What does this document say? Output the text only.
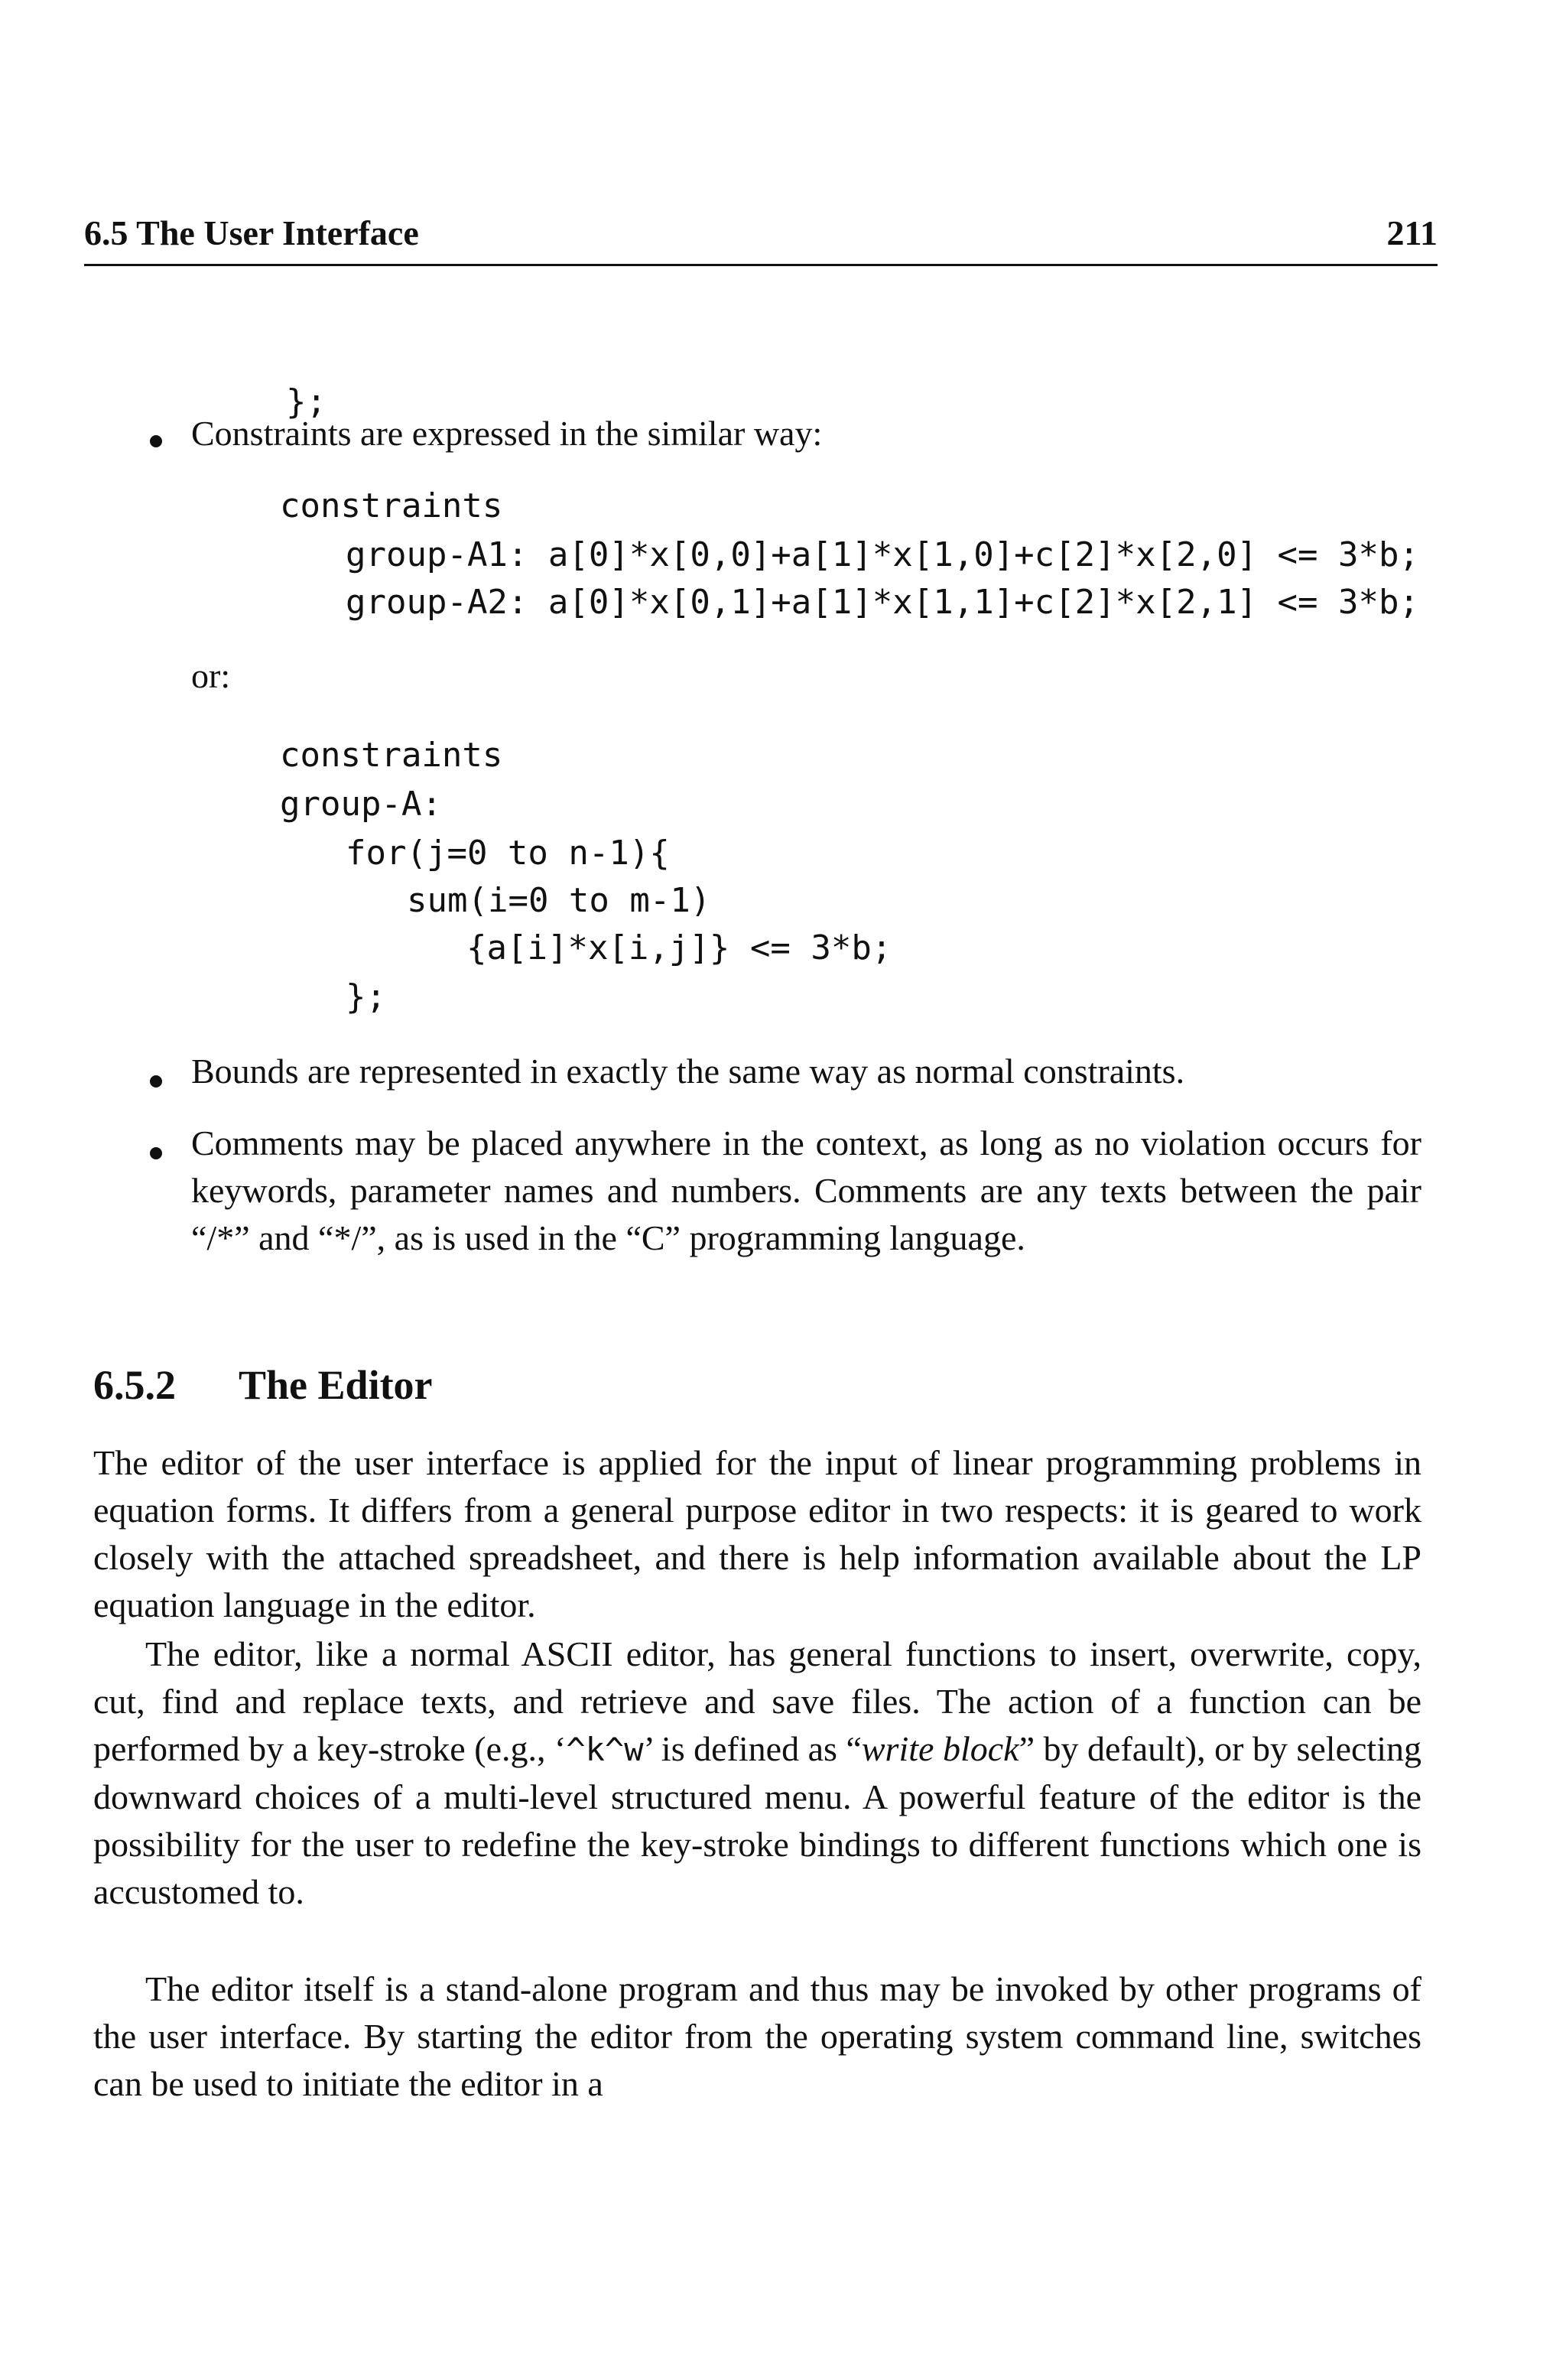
6.5 The User Interface	211
};
Constraints are expressed in the similar way:
constraints
group-A1: a[0]*x[0,0]+a[1]*x[1,0]+c[2]*x[2,0] <= 3*b;
group-A2: a[0]*x[0,1]+a[1]*x[1,1]+c[2]*x[2,1] <= 3*b;
or:
constraints
group-A:
for(j=0 to n-1){
sum(i=0 to m-1)
{a[i]*x[i,j]} <= 3*b;
};

Bounds are represented in exactly the same way as normal constraints.

Comments may be placed anywhere in the context, as long as no violation occurs for keywords, parameter names and numbers. Comments are any texts between the pair “/*” and “*/”, as is used in the “C” programming language.

6.5.2 The Editor

The editor of the user interface is applied for the input of linear programming problems in equation forms. It differs from a general purpose editor in two respects: it is geared to work closely with the attached spreadsheet, and there is help information available about the LP equation language in the editor.

The editor, like a normal ASCII editor, has general functions to insert, overwrite, copy, cut, find and replace texts, and retrieve and save files. The action of a function can be performed by a key-stroke (e.g., ‘^k^w’ is defined as “write block” by default), or by selecting downward choices of a multi-level structured menu. A powerful feature of the editor is the possibility for the user to redefine the key-stroke bindings to different functions which one is accustomed to.

The editor itself is a stand-alone program and thus may be invoked by other programs of the user interface. By starting the editor from the operating system command line, switches can be used to initiate the editor in a
